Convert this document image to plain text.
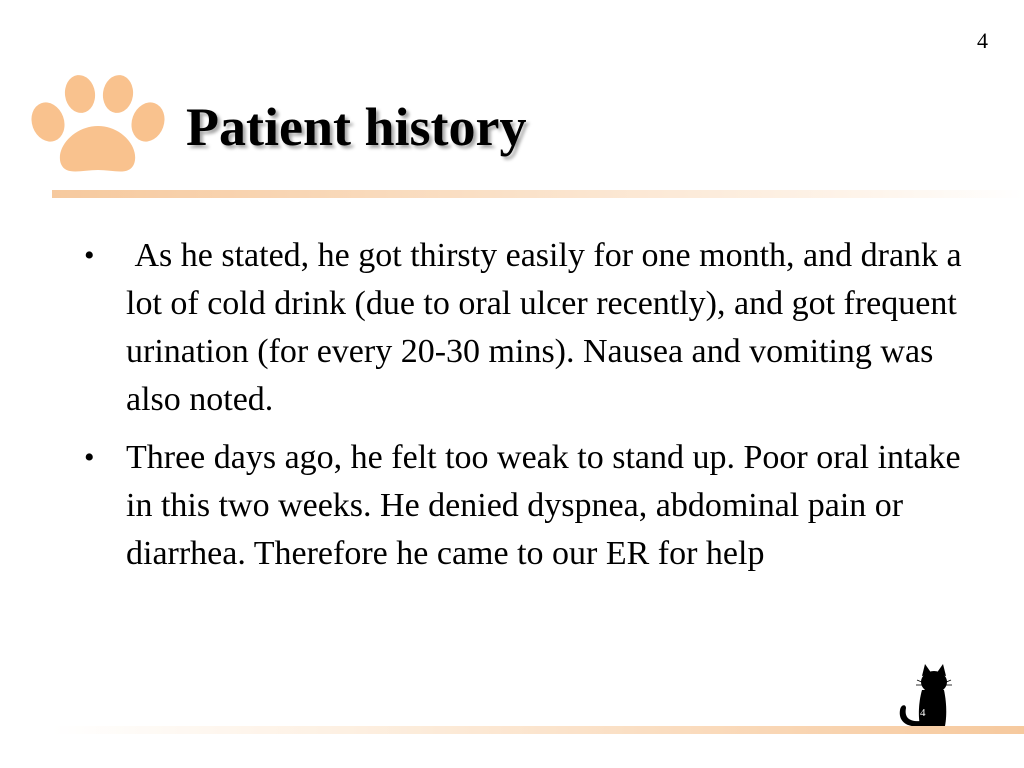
4
Patient history
• As he stated, he got thirsty easily for one month, and drank a lot of cold drink (due to oral ulcer recently), and got frequent urination (for every 20-30 mins). Nausea and vomiting was also noted.
• Three days ago, he felt too weak to stand up. Poor oral intake in this two weeks. He denied dyspnea, abdominal pain or diarrhea. Therefore he came to our ER for help
4
